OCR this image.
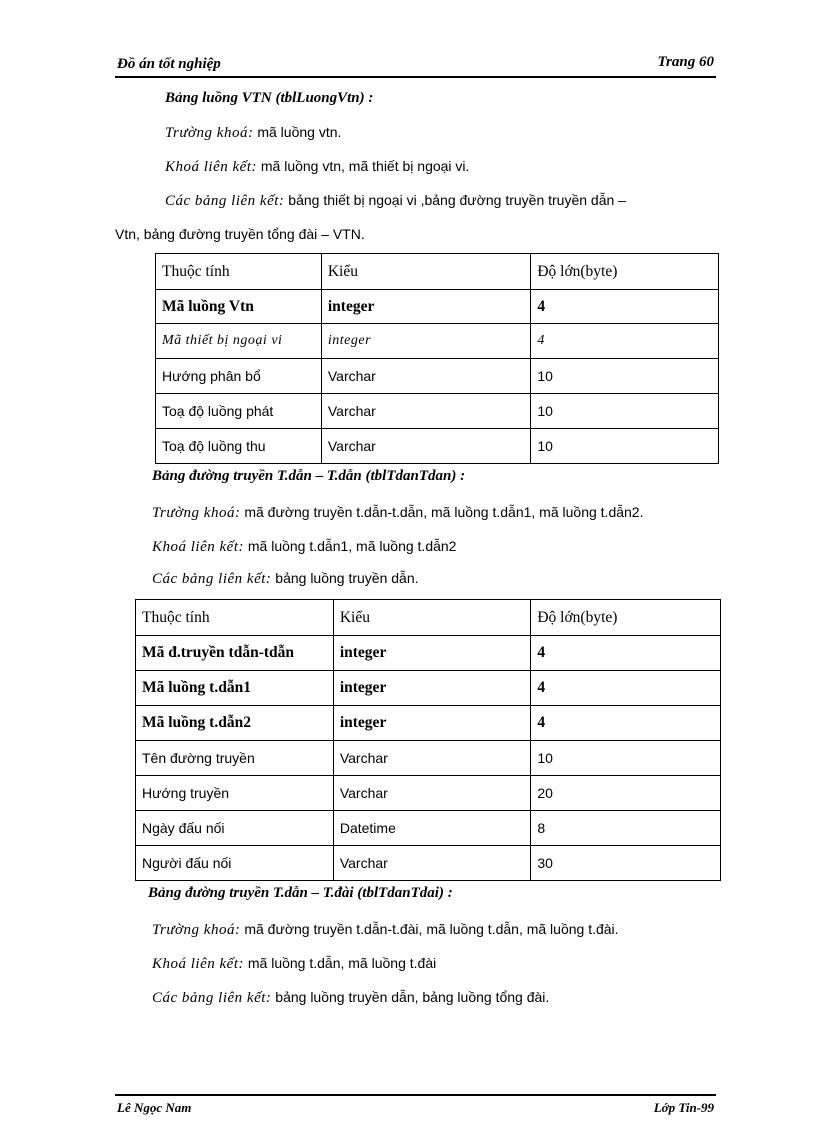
Đồ án tốt nghiệp	Trang 60
Bảng luồng VTN (tblLuongVtn) :
Trường khoá: mã luồng vtn.
Khoá liên kết: mã luồng vtn, mã thiết bị ngoại vi.
Các bảng liên kết: bảng thiết bị ngoại vi ,bảng đường truyền truyền dẫn –
Vtn, bảng đường truyền tổng đài – VTN.
Thuộc tính	Kiểu	Độ lớn(byte)
Mã luồng Vtn	integer	4
Mã thiết bị ngoại vi	integer	4
Hướng phân bổ	Varchar	10
Toạ độ luồng phát	Varchar	10
Toạ độ luồng thu	Varchar	10
Bảng đường truyền T.dẫn – T.dẫn (tblTdanTdan) :
Trường khoá: mã đường truyền t.dẫn-t.dẫn, mã luồng t.dẫn1, mã luồng t.dẫn2.
Khoá liên kết: mã luồng t.dẫn1, mã luồng t.dẫn2
Các bảng liên kết: bảng luồng truyền dẫn.
Thuộc tính	Kiểu	Độ lớn(byte)
Mã đ.truyền tdẫn-tdẫn	integer	4
Mã luồng t.dẫn1	integer	4
Mã luồng t.dẫn2	integer	4
Tên đường truyền	Varchar	10
Hướng truyền	Varchar	20
Ngày đấu nối	Datetime	8
Người đấu nối	Varchar	30
Bảng đường truyền T.dẫn – T.đài (tblTdanTdai) :
Trường khoá: mã đường truyền t.dẫn-t.đài, mã luồng t.dẫn, mã luồng t.đài.
Khoá liên kết: mã luồng t.dẫn, mã luồng t.đài
Các bảng liên kết: bảng luồng truyền dẫn, bảng luồng tổng đài.
Lê Ngọc Nam	Lớp Tin-99
